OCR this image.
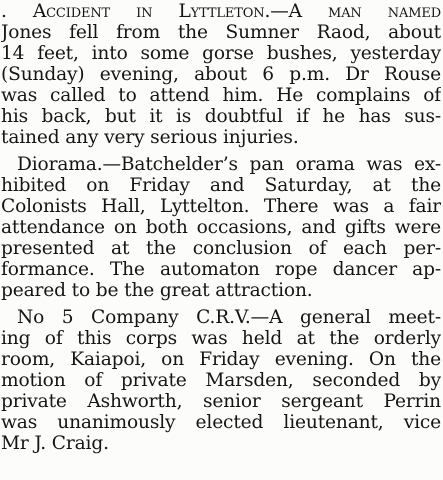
. Accident in Lyttleton.—A man named
Jones fell from the Sumner Raod, about
14 feet, into some gorse bushes, yesterday
(Sunday) evening, about 6 p.m. Dr Rouse
was called to attend him. He complains of
his back, but it is doubtful if he has sus-
tained any very serious injuries.
Diorama.—Batchelder’s pan orama was ex-
hibited on Friday and Saturday, at the
Colonists Hall, Lyttelton. There was a fair
attendance on both occasions, and gifts were
presented at the conclusion of each per-
formance. The automaton rope dancer ap-
peared to be the great attraction.
No 5 Company C.R.V.—A general meet-
ing of this corps was held at the orderly
room, Kaiapoi, on Friday evening. On the
motion of private Marsden, seconded by
private Ashworth, senior sergeant Perrin
was unanimously elected lieutenant, vice
Mr J. Craig.
